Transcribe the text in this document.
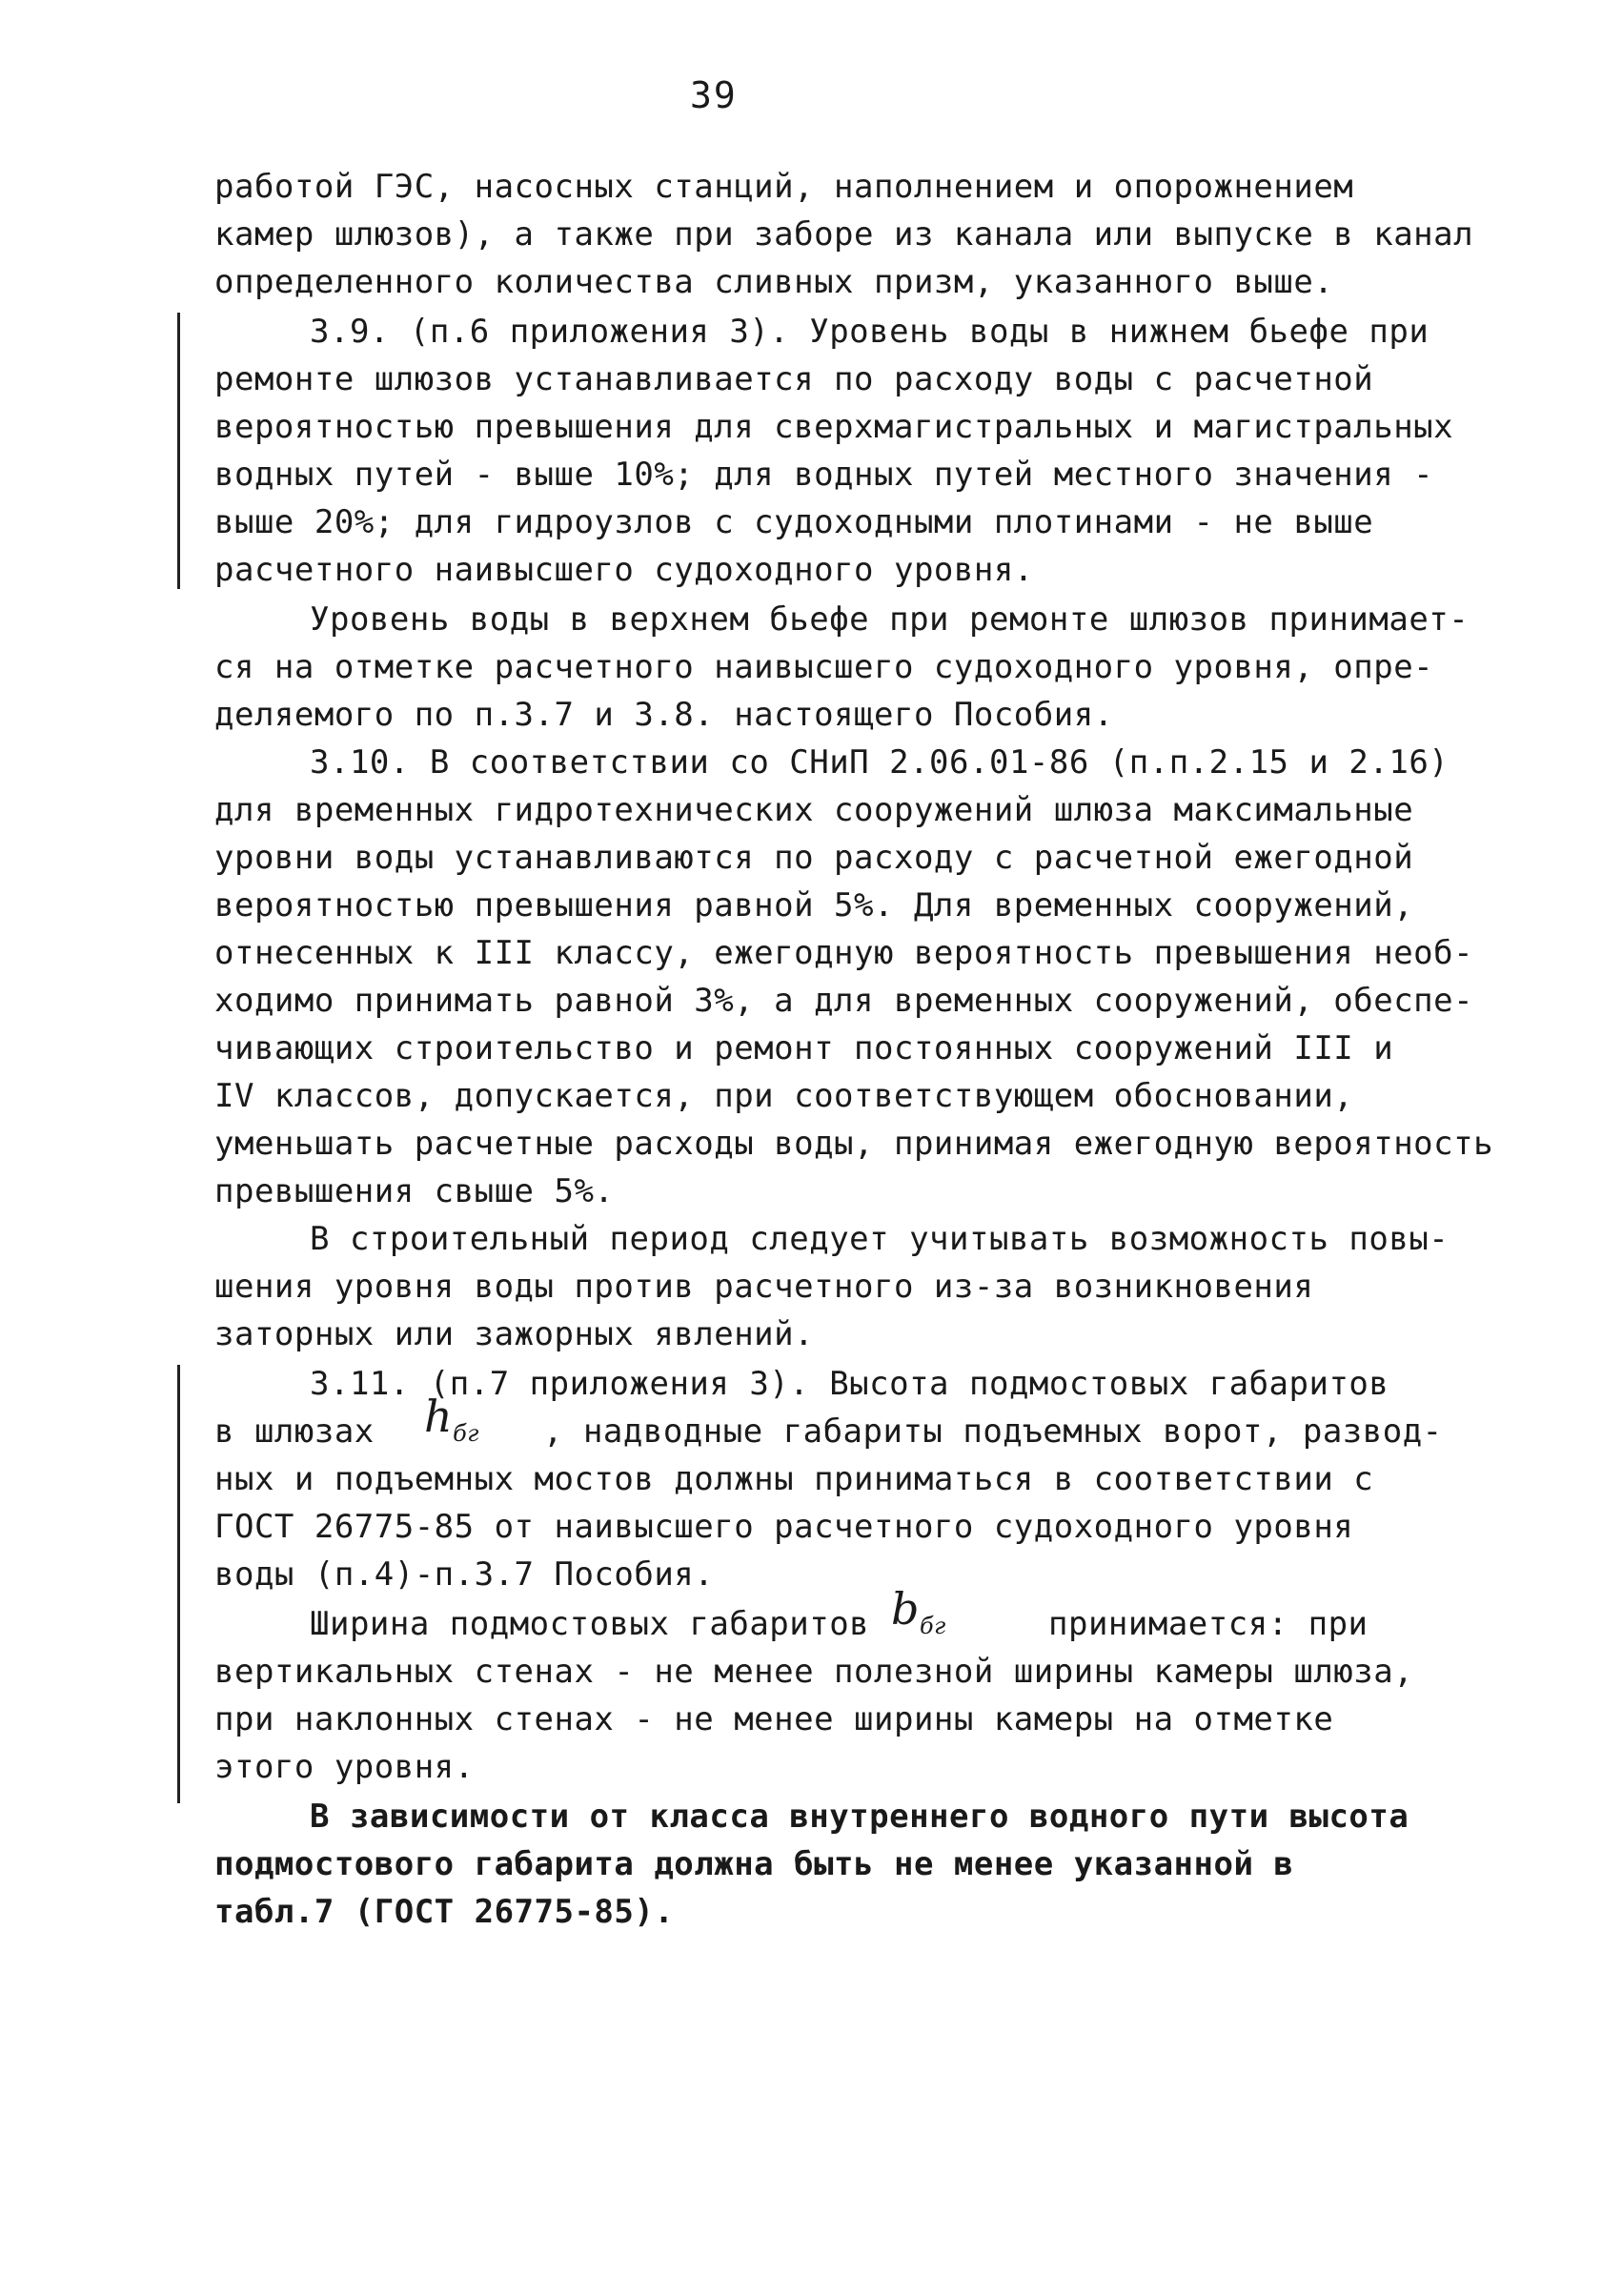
39
работой ГЭС, насосных станций, наполнением и опорожнением
камер шлюзов), а также при заборе из канала или выпуске в канал
определенного количества сливных призм, указанного выше.
3.9. (п.6 приложения 3). Уровень воды в нижнем бьефе при
ремонте шлюзов устанавливается по расходу воды с расчетной
вероятностью превышения для сверхмагистральных и магистральных
водных путей - выше 10%; для водных путей местного значения -
выше 20%; для гидроузлов с судоходными плотинами - не выше
расчетного наивысшего судоходного уровня.
Уровень воды в верхнем бьефе при ремонте шлюзов принимает-
ся на отметке расчетного наивысшего судоходного уровня, опре-
деляемого по п.3.7 и 3.8. настоящего Пособия.
3.10. В соответствии со СНиП 2.06.01-86 (п.п.2.15 и 2.16)
для временных гидротехнических сооружений шлюза максимальные
уровни воды устанавливаются по расходу с расчетной ежегодной
вероятностью превышения равной 5%. Для временных сооружений,
отнесенных к III классу, ежегодную вероятность превышения необ-
ходимо принимать равной 3%, а для временных сооружений, обеспе-
чивающих строительство и ремонт постоянных сооружений III и
IV классов, допускается, при соответствующем обосновании,
уменьшать расчетные расходы воды, принимая ежегодную вероятность
превышения свыше 5%.
В строительный период следует учитывать возможность повы-
шения уровня воды против расчетного из-за возникновения
заторных или зажорных явлений.
3.11. (п.7 приложения 3). Высота подмостовых габаритов
в шлюзах $h_{бг}$ , надводные габариты подъемных ворот, развод-
ных и подъемных мостов должны приниматься в соответствии с
ГОСТ 26775-85 от наивысшего расчетного судоходного уровня
воды (п.4)-п.3.7 Пособия.
Ширина подмостовых габаритов $b_{бг}$	принимается: при
вертикальных стенах - не менее полезной ширины камеры шлюза,
при наклонных стенах - не менее ширины камеры на отметке
этого уровня.
В зависимости от класса внутреннего водного пути высота
подмостового габарита должна быть не менее указанной в
табл.7 (ГОСТ 26775-85).
